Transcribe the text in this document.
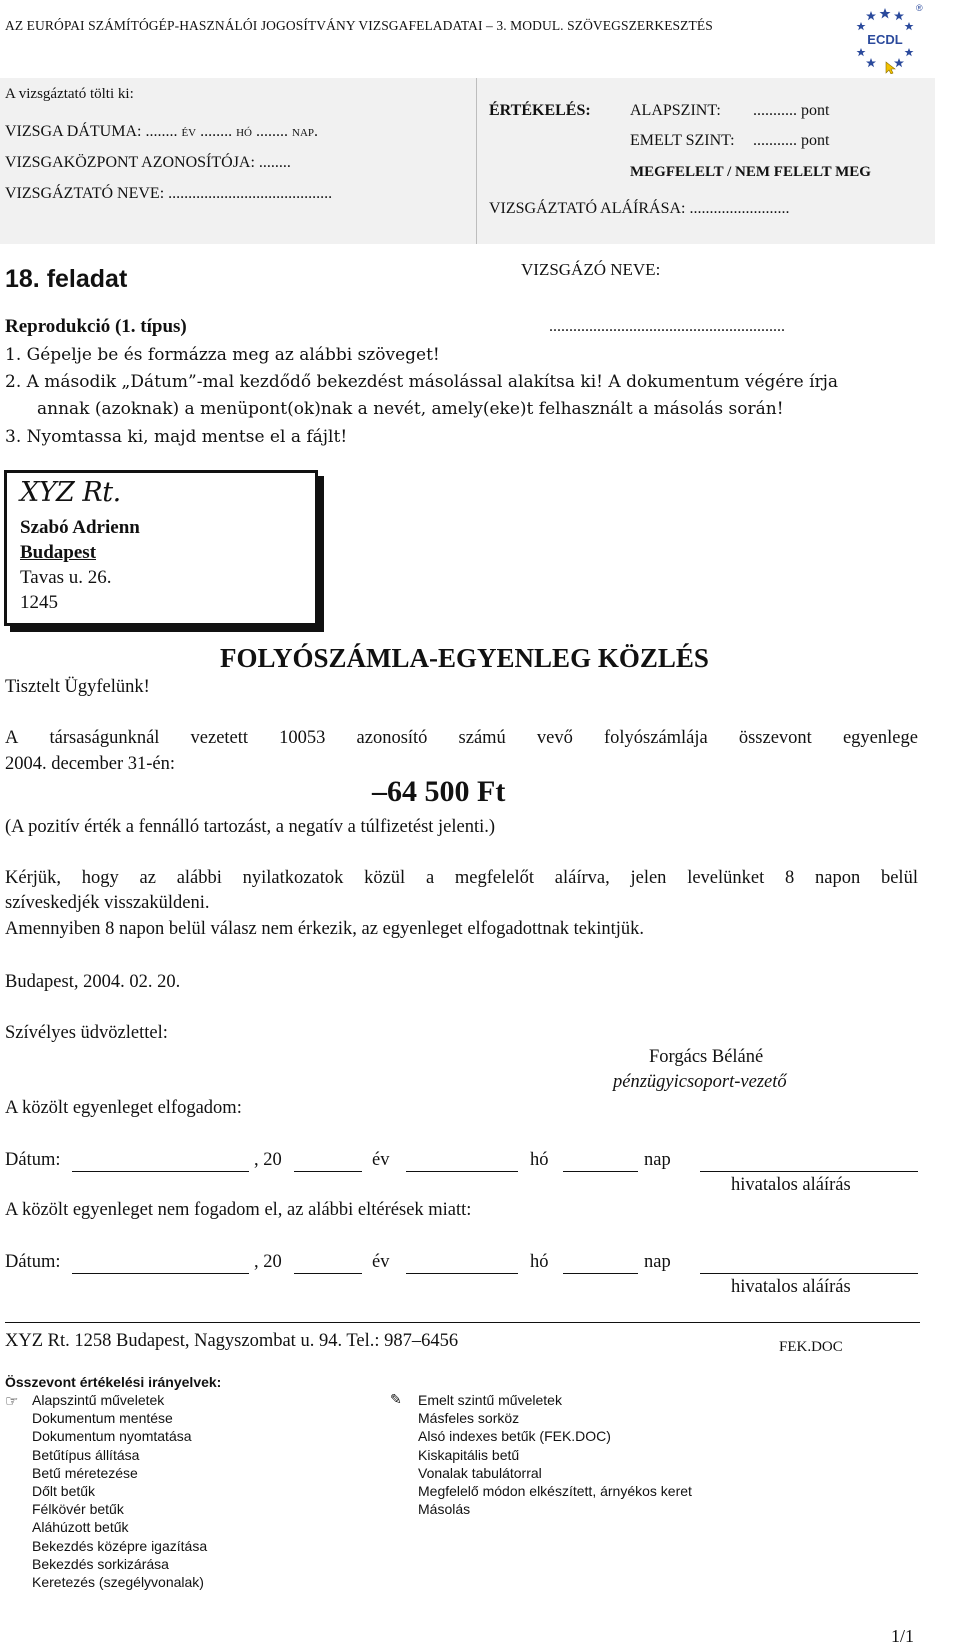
AZ EURÓPAI SZÁMÍTÓGÉP-HASZNÁLÓI JOGOSÍTVÁNY VIZSGAFELADATAI – 3. MODUL. SZÖVEGSZERKESZTÉS
ECDL
®
A vizsgáztató tölti ki:
VIZSGA DÁTUMA: ........ év ........ hó ........ nap.
VIZSGAKÖZPONT AZONOSÍTÓJA: ........
VIZSGÁZTATÓ NEVE: .........................................
ÉRTÉKELÉS: ALAPSZINT: ........... pont
EMELT SZINT: ........... pont
MEGFELELT / NEM FELELT MEG
VIZSGÁZTATÓ ALÁÍRÁSA: .........................
18. feladat	VIZSGÁZÓ NEVE:
...........................................................
Reprodukció (1. típus)
1. Gépelje be és formázza meg az alábbi szöveget!
2. A második „Dátum”-mal kezdődő bekezdést másolással alakítsa ki! A dokumentum végére írja
annak (azoknak) a menüpont(ok)nak a nevét, amely(eke)t felhasznált a másolás során!
3. Nyomtassa ki, majd mentse el a fájlt!
XYZ Rt.
Szabó Adrienn
Budapest
Tavas u. 26.
1245
Tisztelt Ügyfelünk!
FOLYÓSZÁMLA-EGYENLEG KÖZLÉS
A társaságunknál vezetett 10053 azonosító számú vevő folyószámlája összevont egyenlege
2004. december 31-én:
–64 500 Ft
(A pozitív érték a fennálló tartozást, a negatív a túlfizetést jelenti.)
Kérjük, hogy az alábbi nyilatkozatok közül a megfelelőt aláírva, jelen levelünket 8 napon belül
szíveskedjék visszaküldeni.
Amennyiben 8 napon belül válasz nem érkezik, az egyenleget elfogadottnak tekintjük.
Budapest, 2004. 02. 20.
Szívélyes üdvözlettel:
Forgács Béláné
pénzügyicsoport-vezető
A közölt egyenleget elfogadom:
Dátum:	, 20	év	hó	nap
hivatalos aláírás
A közölt egyenleget nem fogadom el, az alábbi eltérések miatt:
Dátum:	, 20	év	hó	nap
hivatalos aláírás
XYZ Rt. 1258 Budapest, Nagyszombat u. 94. Tel.: 987–6456	FEK.DOC
Összevont értékelési irányelvek:
☞ Alapszintű műveletek
Dokumentum mentése
Dokumentum nyomtatása
Betűtípus állítása
Betű méretezése
Dőlt betűk
Félkövér betűk
Aláhúzott betűk
Bekezdés középre igazítása
Bekezdés sorkizárása
Keretezés (szegélyvonalak)
✎ Emelt szintű műveletek
Másfeles sorköz
Alsó indexes betűk (FEK.DOC)
Kiskapitális betű
Vonalak tabulátorral
Megfelelő módon elkészített, árnyékos keret
Másolás
1/1
